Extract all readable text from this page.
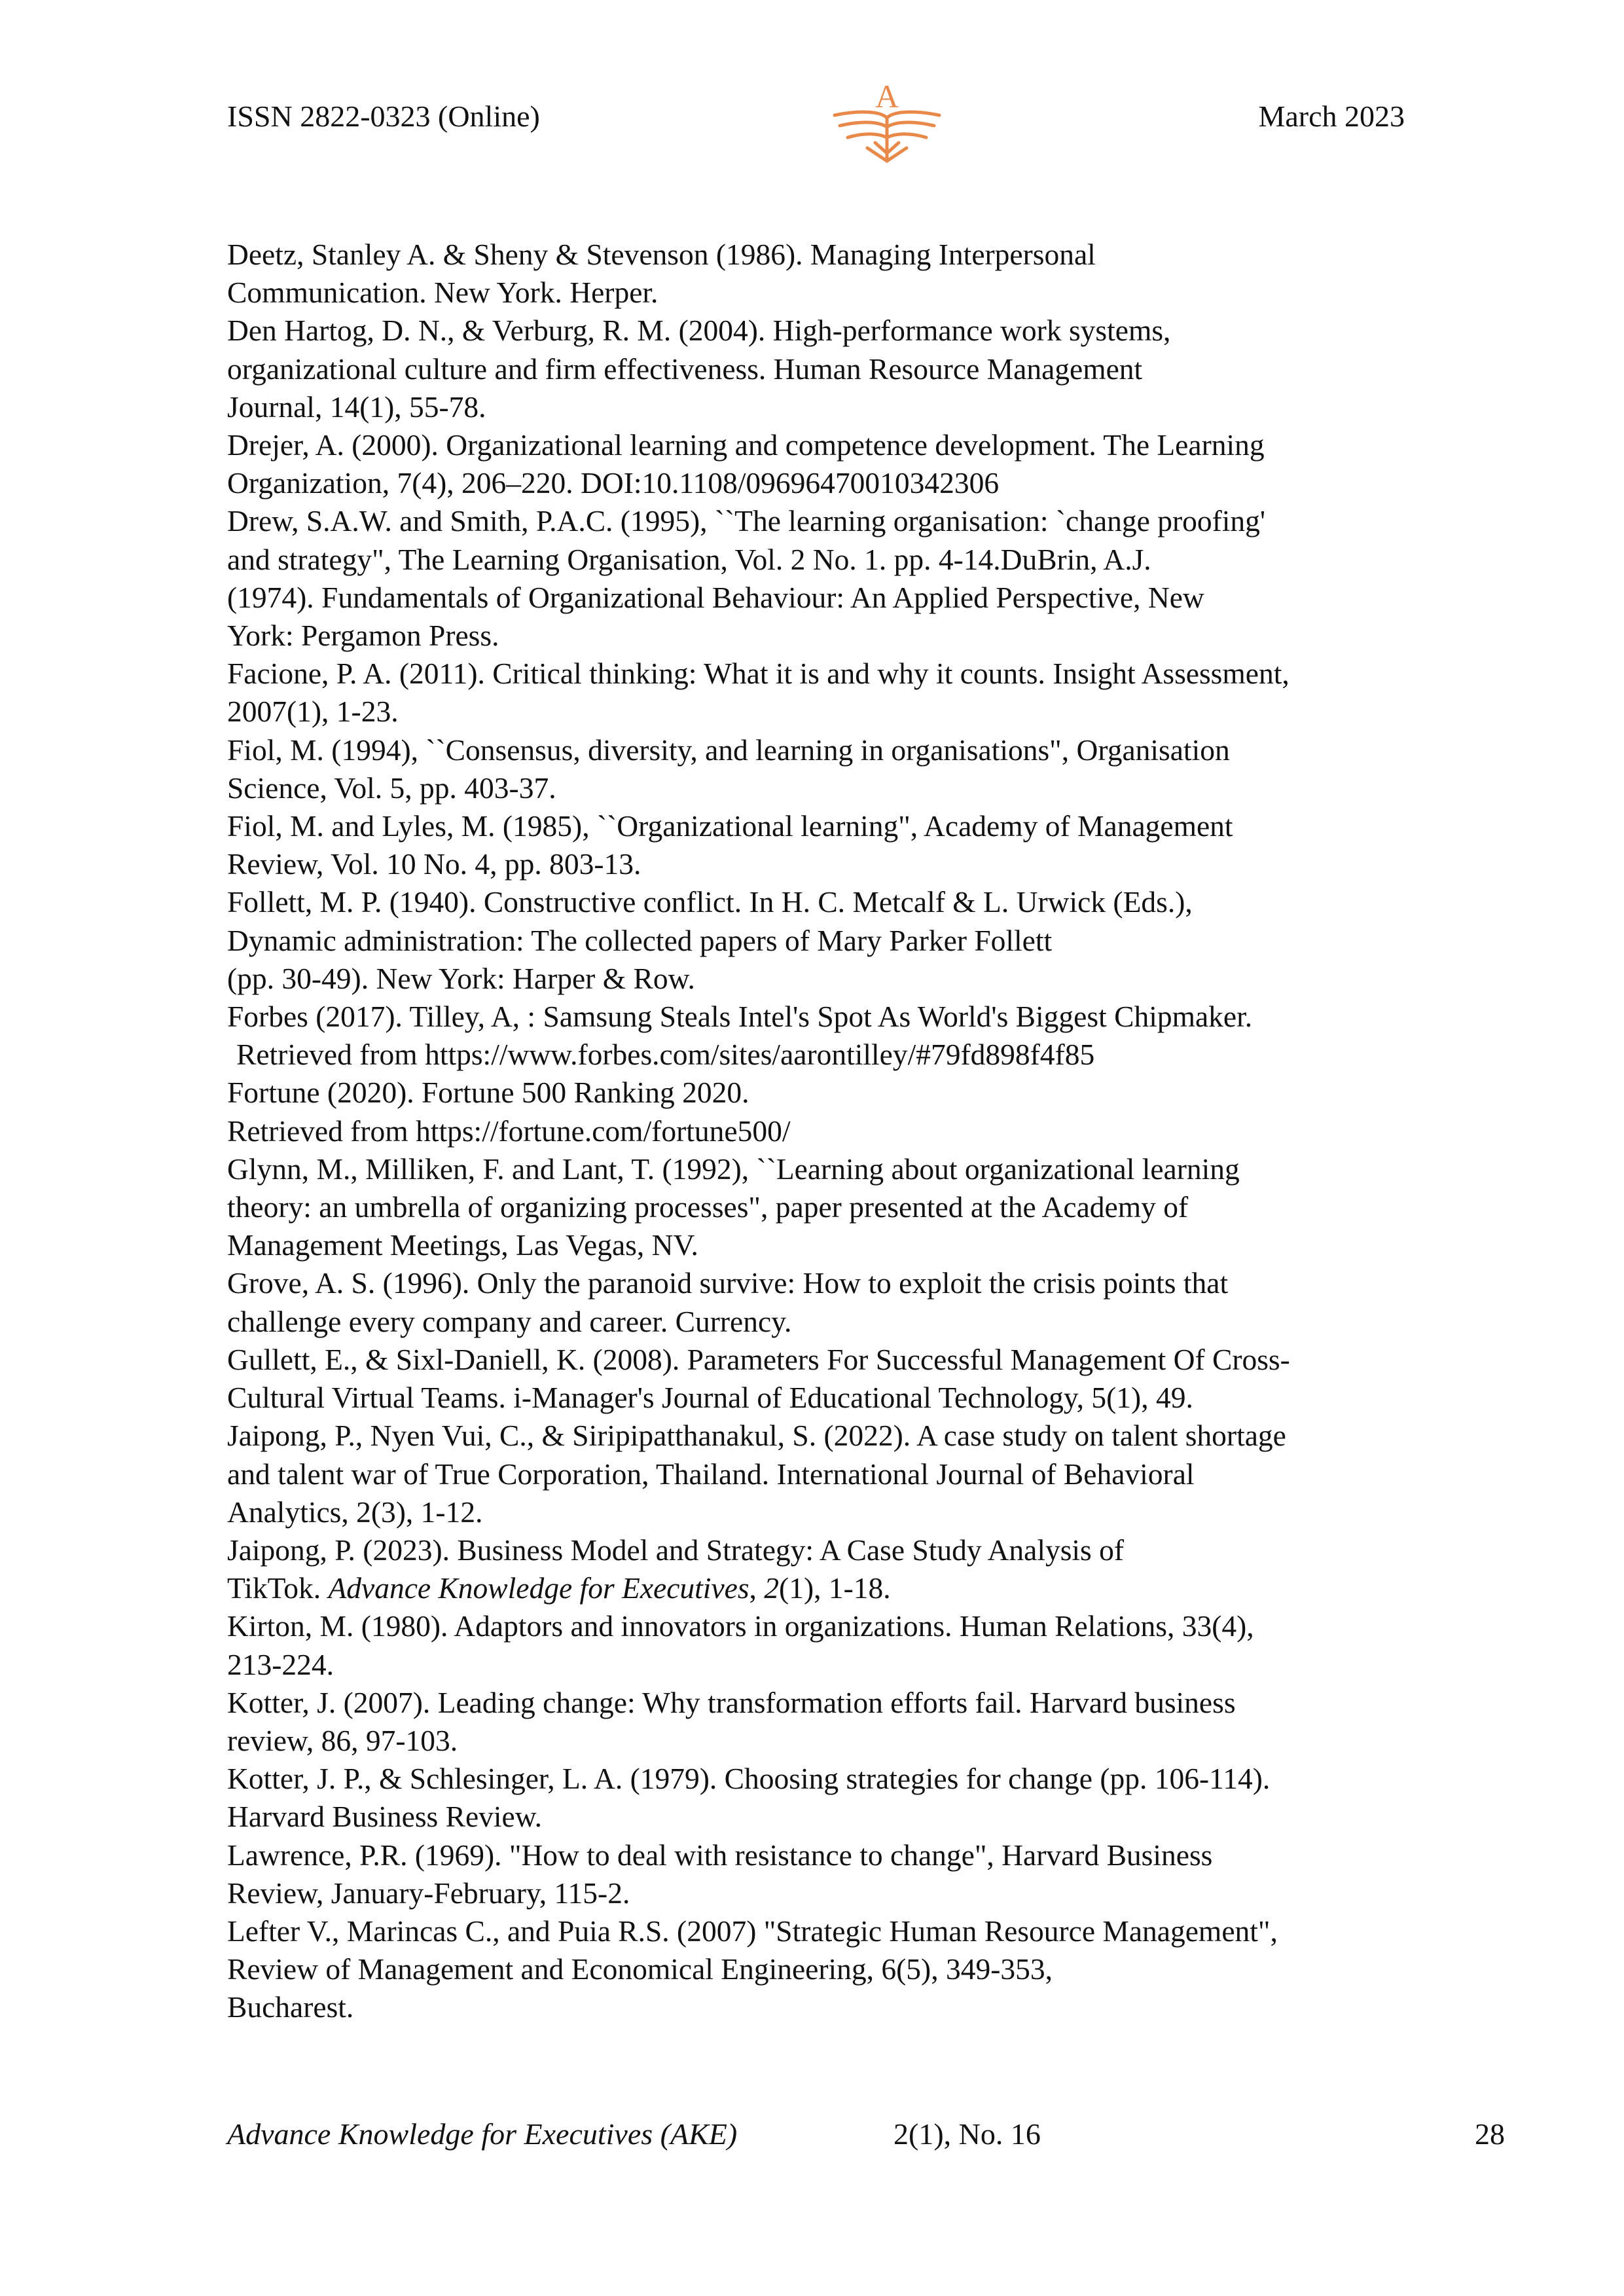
ISSN 2822-0323 (Online)
A
March 2023

Deetz, Stanley A. & Sheny & Stevenson (1986). Managing Interpersonal
Communication. New York. Herper.

Den Hartog, D. N., & Verburg, R. M. (2004). High-performance work systems,
organizational culture and firm effectiveness. Human Resource Management
Journal, 14(1), 55-78.

Drejer, A. (2000). Organizational learning and competence development. The Learning
Organization, 7(4), 206–220. DOI:10.1108/09696470010342306

Drew, S.A.W. and Smith, P.A.C. (1995), ``The learning organisation: `change proofing'
and strategy", The Learning Organisation, Vol. 2 No. 1. pp. 4-14.DuBrin, A.J.
(1974). Fundamentals of Organizational Behaviour: An Applied Perspective, New
York: Pergamon Press.

Facione, P. A. (2011). Critical thinking: What it is and why it counts. Insight Assessment,
2007(1), 1-23.

Fiol, M. (1994), ``Consensus, diversity, and learning in organisations", Organisation
Science, Vol. 5, pp. 403-37.

Fiol, M. and Lyles, M. (1985), ``Organizational learning", Academy of Management
Review, Vol. 10 No. 4, pp. 803-13.

Follett, M. P. (1940). Constructive conflict. In H. C. Metcalf & L. Urwick (Eds.),
Dynamic administration: The collected papers of Mary Parker Follett
(pp. 30-49). New York: Harper & Row.

Forbes (2017). Tilley, A, : Samsung Steals Intel's Spot As World's Biggest Chipmaker.
Retrieved from https://www.forbes.com/sites/aarontilley/#79fd898f4f85

Fortune (2020). Fortune 500 Ranking 2020.
Retrieved from https://fortune.com/fortune500/

Glynn, M., Milliken, F. and Lant, T. (1992), ``Learning about organizational learning
theory: an umbrella of organizing processes", paper presented at the Academy of
Management Meetings, Las Vegas, NV.

Grove, A. S. (1996). Only the paranoid survive: How to exploit the crisis points that
challenge every company and career. Currency.

Gullett, E., & Sixl-Daniell, K. (2008). Parameters For Successful Management Of Cross-
Cultural Virtual Teams. i-Manager's Journal of Educational Technology, 5(1), 49.

Jaipong, P., Nyen Vui, C., & Siripipatthanakul, S. (2022). A case study on talent shortage
and talent war of True Corporation, Thailand. International Journal of Behavioral
Analytics, 2(3), 1-12.

Jaipong, P. (2023). Business Model and Strategy: A Case Study Analysis of
TikTok. Advance Knowledge for Executives, 2(1), 1-18.

Kirton, M. (1980). Adaptors and innovators in organizations. Human Relations, 33(4),
213-224.

Kotter, J. (2007). Leading change: Why transformation efforts fail. Harvard business
review, 86, 97-103.

Kotter, J. P., & Schlesinger, L. A. (1979). Choosing strategies for change (pp. 106-114).
Harvard Business Review.

Lawrence, P.R. (1969). "How to deal with resistance to change", Harvard Business
Review, January-February, 115-2.

Lefter V., Marincas C., and Puia R.S. (2007) "Strategic Human Resource Management",
Review of Management and Economical Engineering, 6(5), 349-353,
Bucharest.

Advance Knowledge for Executives (AKE)	2(1), No. 16	28
